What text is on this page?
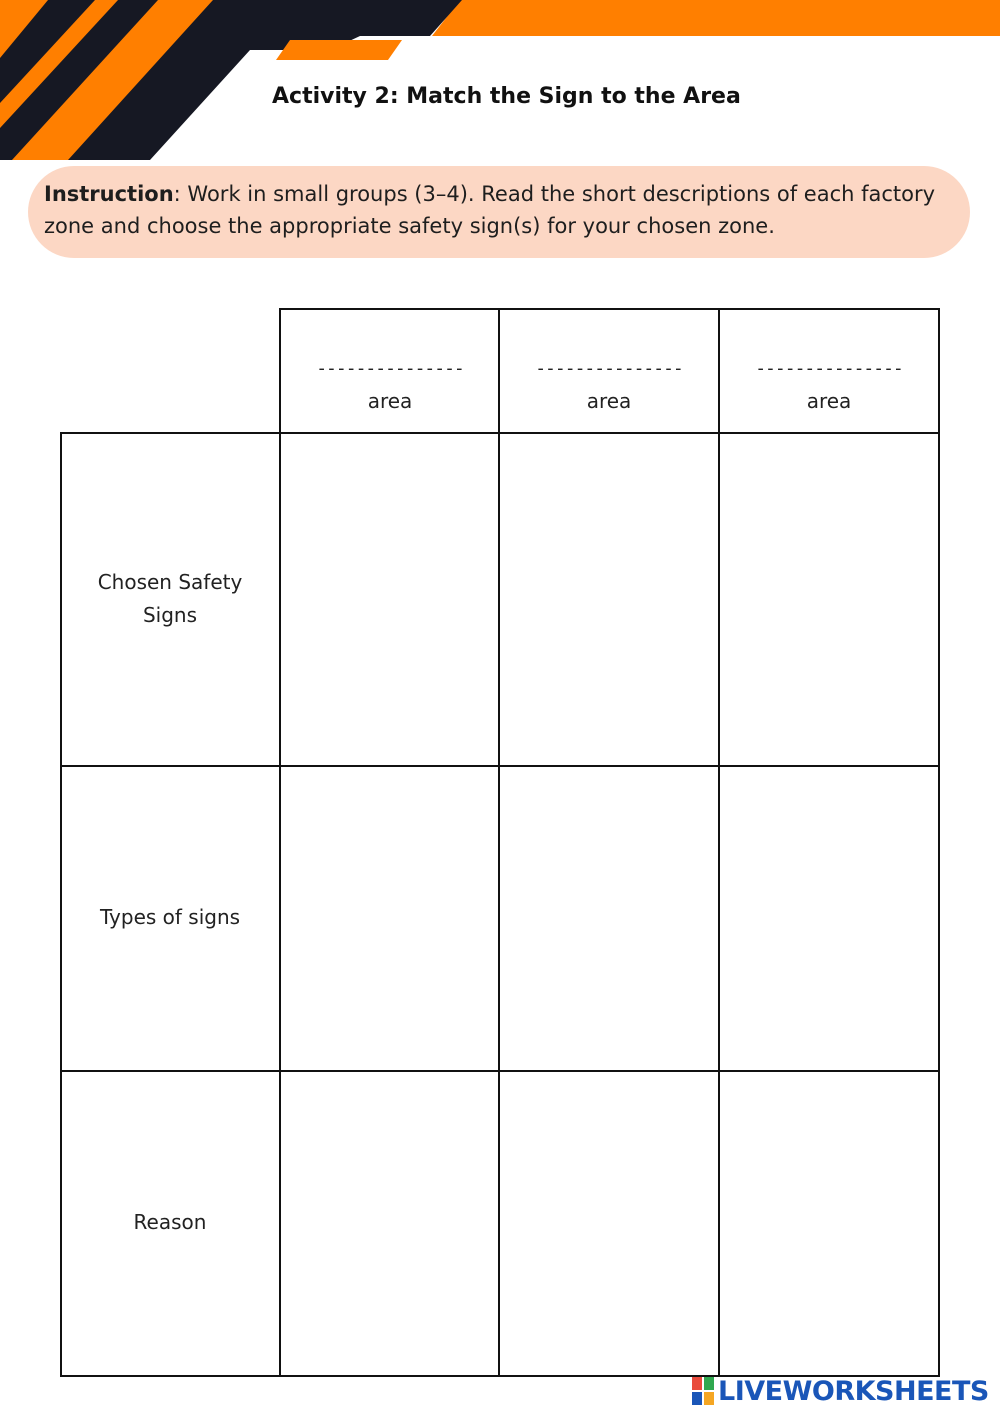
Activity 2: Match the Sign to the Area
Instruction: Work in small groups (3–4). Read the short descriptions of each factory zone and choose the appropriate safety sign(s) for your chosen zone.
---------------
area
---------------
area
---------------
area
Chosen Safety Signs
Types of signs
Reason
LIVEWORKSHEETS
